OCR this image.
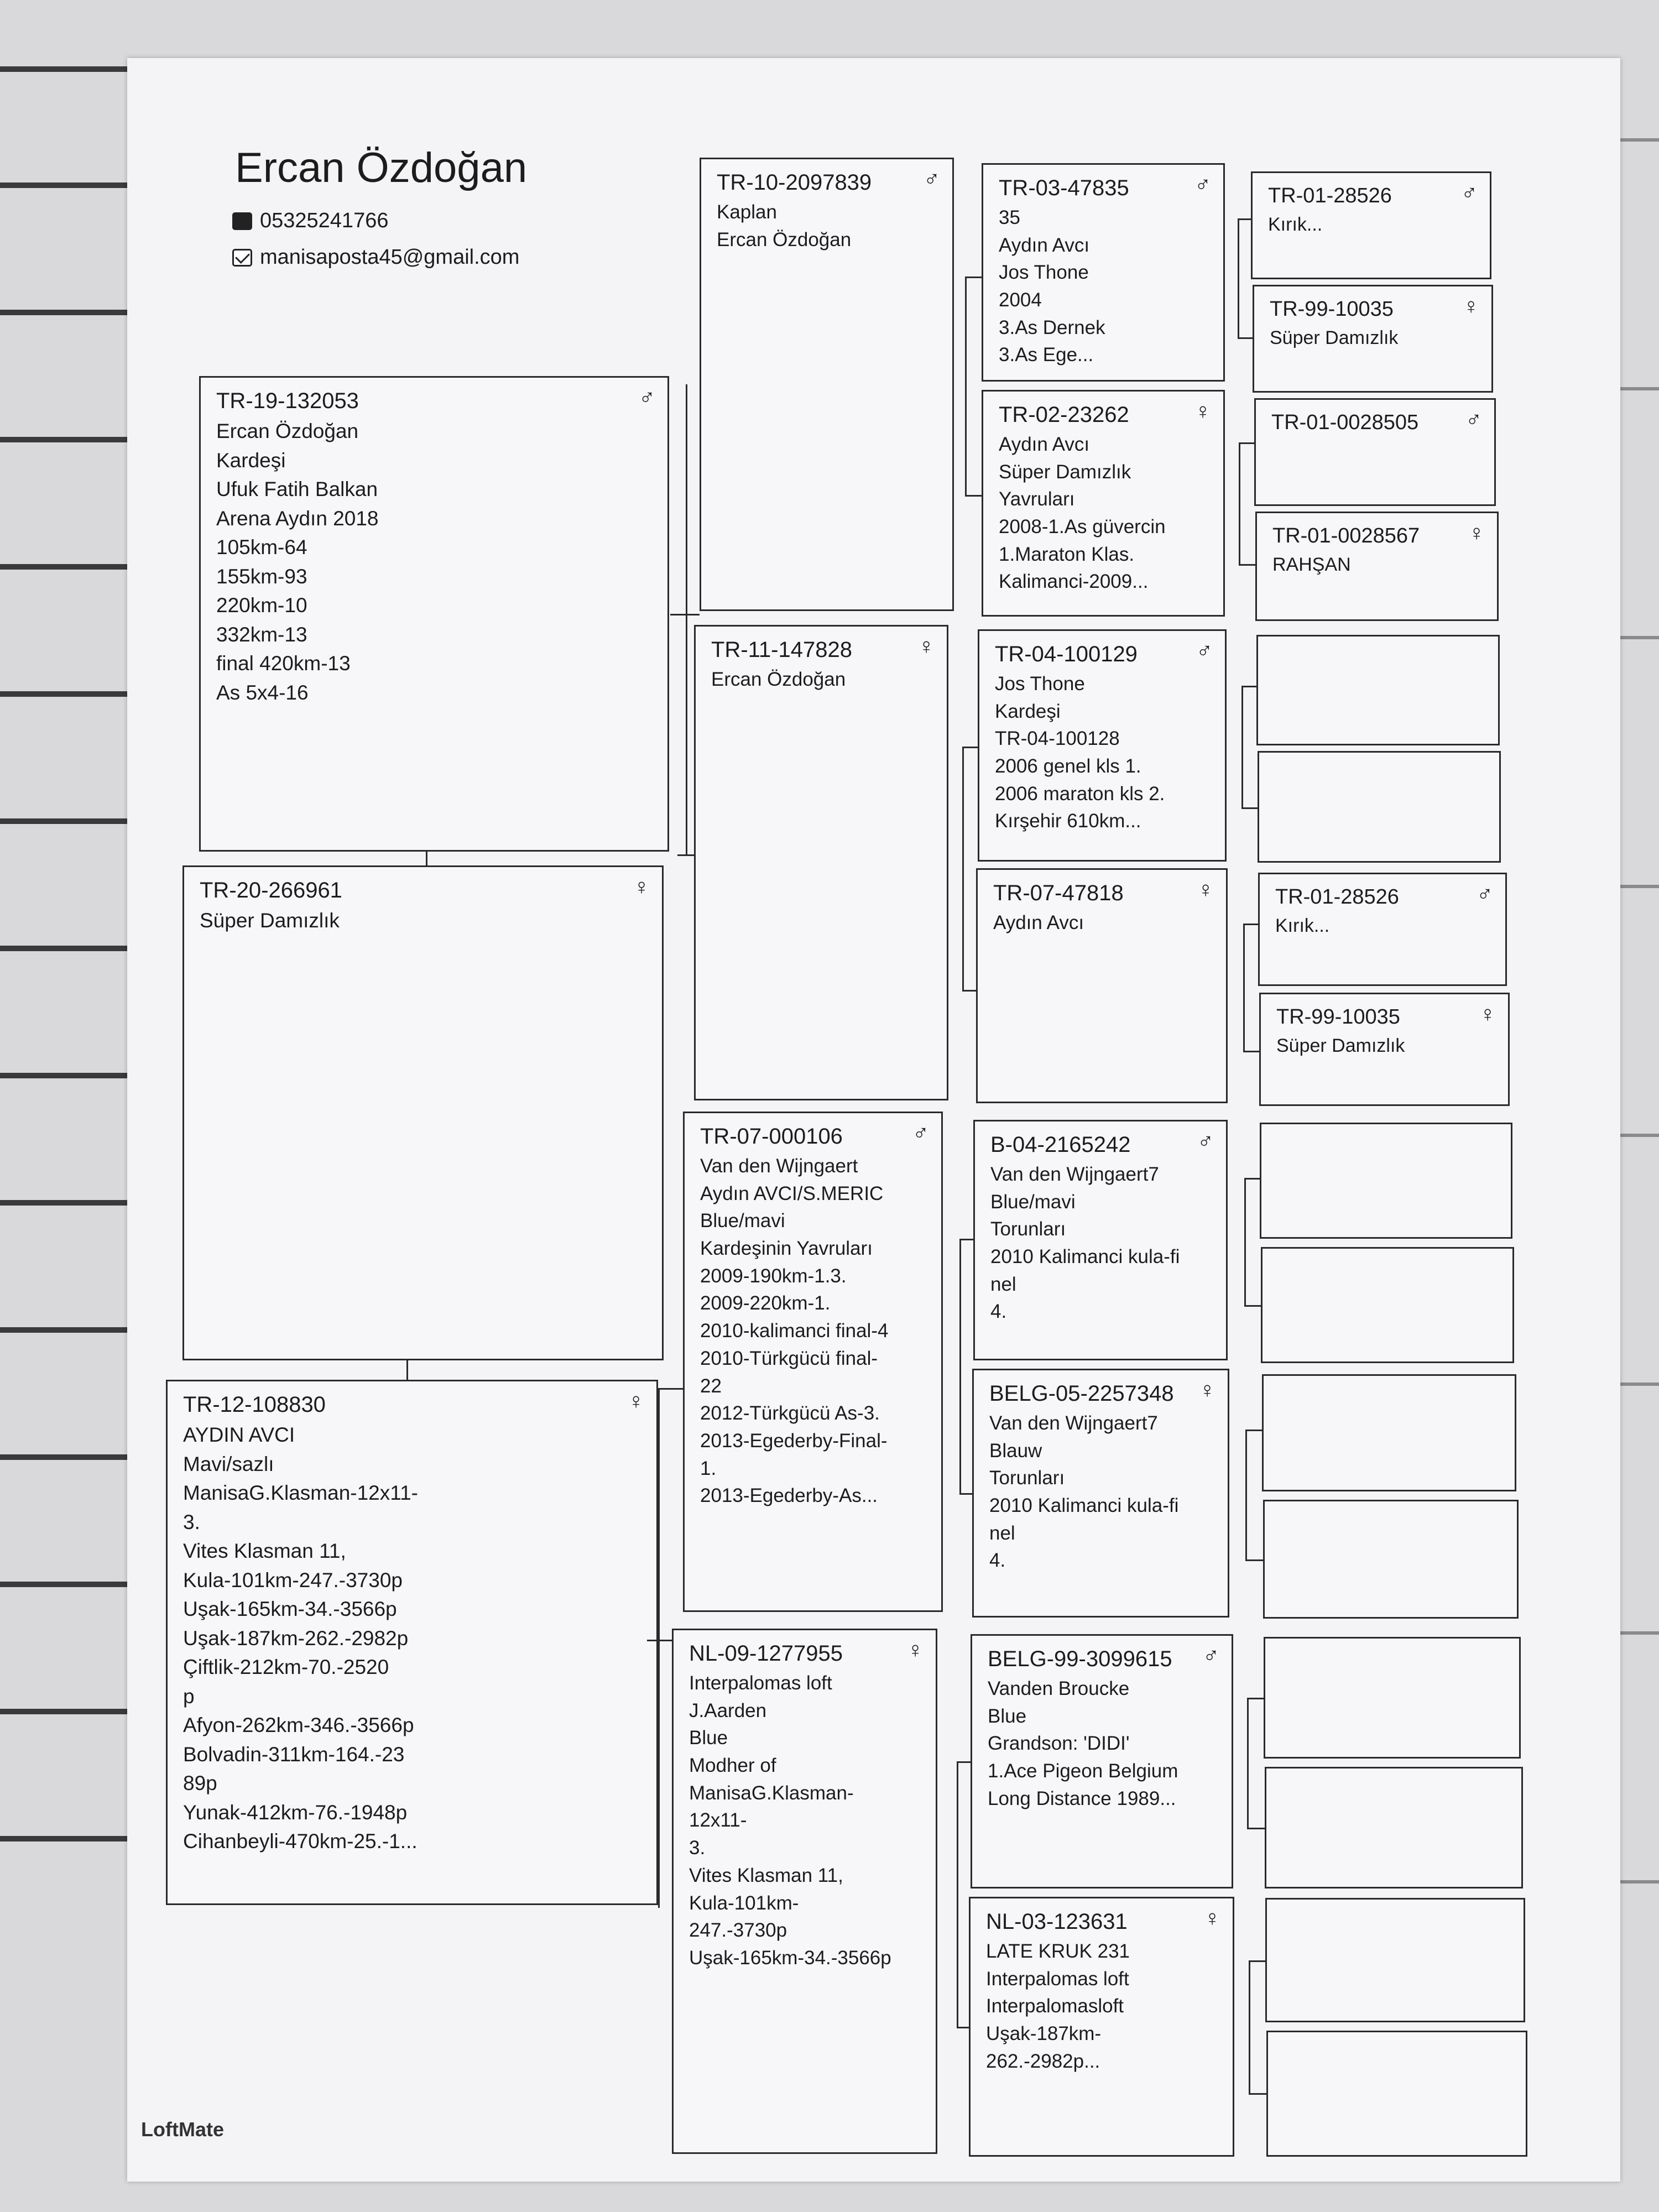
Ercan Özdoğan
05325241766
manisaposta45@gmail.com

TR-19-132053	♂

Ercan Özdoğan
Kardeşi
Ufuk Fatih Balkan
Arena Aydın 2018
105km-64
155km-93
220km-10
332km-13
final 420km-13
As 5x4-16

TR-20-266961	♀

Süper Damızlık

TR-12-108830	♀

AYDIN AVCI
Mavi/sazlı
ManisaG.Klasman-12x11-
3.
Vites Klasman 11,
Kula-101km-247.-3730p
Uşak-165km-34.-3566p
Uşak-187km-262.-2982p
Çiftlik-212km-70.-2520
p
Afyon-262km-346.-3566p
Bolvadin-311km-164.-23
89p
Yunak-412km-76.-1948p
Cihanbeyli-470km-25.-1...

TR-10-2097839	♂

Kaplan
Ercan Özdoğan

TR-11-147828	♀

Ercan Özdoğan

TR-07-000106	♂

Van den Wijngaert
Aydın AVCI/S.MERIC
Blue/mavi
Kardeşinin Yavruları
2009-190km-1.3.
2009-220km-1.
2010-kalimanci final-4
2010-Türkgücü final-
22
2012-Türkgücü As-3.
2013-Egederby-Final-
1.
2013-Egederby-As...

NL-09-1277955	♀

Interpalomas loft
J.Aarden
Blue
Modher of
ManisaG.Klasman-
12x11-
3.
Vites Klasman 11,
Kula-101km-
247.-3730p
Uşak-165km-34.-3566p

TR-03-47835	♂

35
Aydın Avcı
Jos Thone
2004
3.As Dernek
3.As Ege...

TR-02-23262	♀

Aydın Avcı
Süper Damızlık
Yavruları
2008-1.As güvercin
1.Maraton Klas.
Kalimanci-2009...

TR-04-100129	♂

Jos Thone
Kardeşi
TR-04-100128
2006 genel kls 1.
2006 maraton kls 2.
Kırşehir 610km...

TR-07-47818	♀

Aydın Avcı

B-04-2165242	♂

Van den Wijngaert7
Blue/mavi
Torunları
2010 Kalimanci kula-fi
nel
4.

BELG-05-2257348	♀

Van den Wijngaert7
Blauw
Torunları
2010 Kalimanci kula-fi
nel
4.

BELG-99-3099615	♂

Vanden Broucke
Blue
Grandson: 'DIDI'
1.Ace Pigeon Belgium
Long Distance 1989...

NL-03-123631	♀

LATE KRUK 231
Interpalomas loft
Interpalomasloft
Uşak-187km-
262.-2982p...

TR-01-28526	♂

Kırık...

TR-99-10035	♀

Süper Damızlık

TR-01-0028505	♂

TR-01-0028567	♀

RAHŞAN

TR-01-28526	♂

Kırık...

TR-99-10035	♀

Süper Damızlık

LoftMate
